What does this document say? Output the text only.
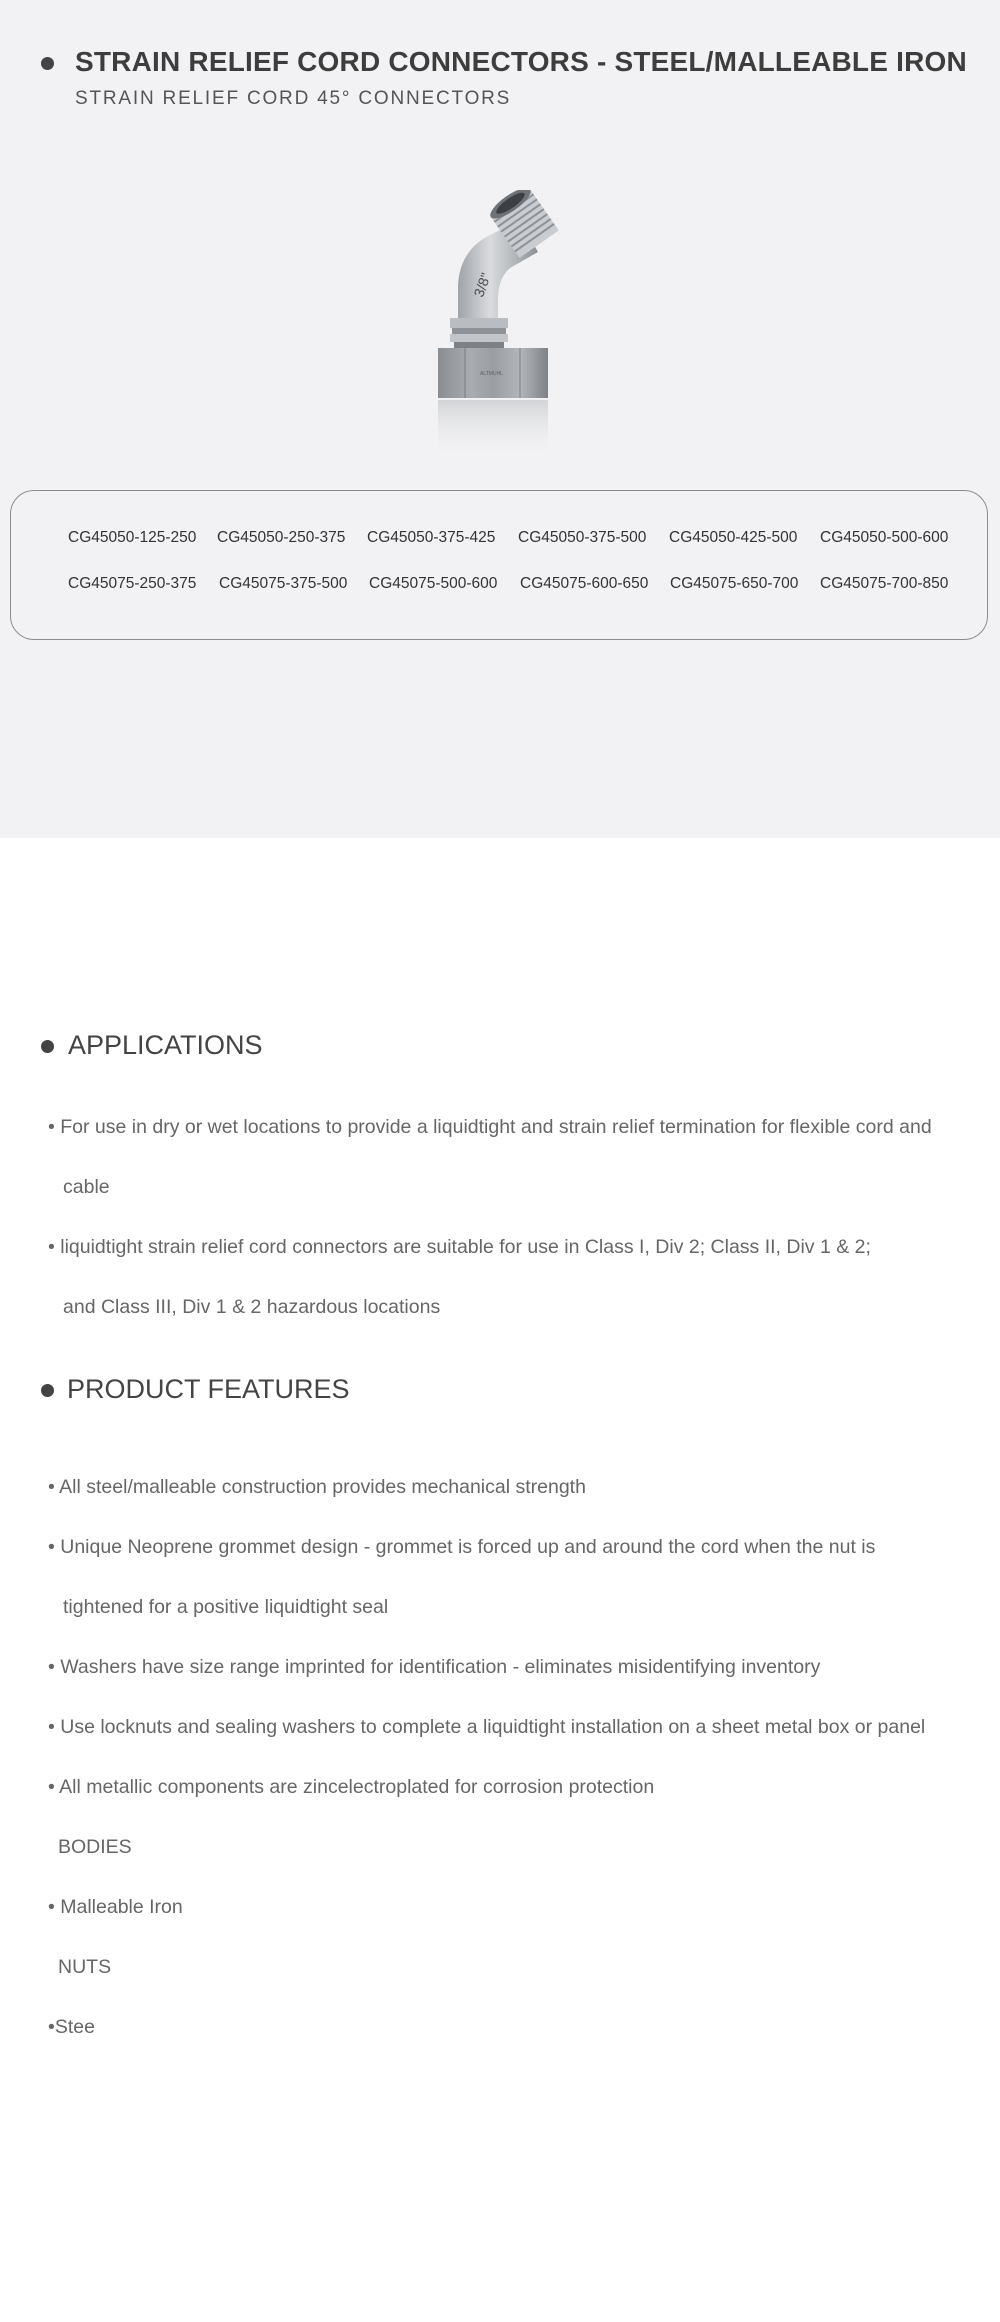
STRAIN RELIEF CORD CONNECTORS - STEEL/MALLEABLE IRON
STRAIN RELIEF CORD 45° CONNECTORS
3/8"
ALTMUHL
CG45050-125-250 CG45050-250-375 CG45050-375-425 CG45050-375-500 CG45050-425-500 CG45050-500-600
CG45075-250-375 CG45075-375-500 CG45075-500-600 CG45075-600-650 CG45075-650-700 CG45075-700-850
APPLICATIONS
• For use in dry or wet locations to provide a liquidtight and strain relief termination for flexible cord and
cable
• liquidtight strain relief cord connectors are suitable for use in Class I, Div 2; Class II, Div 1 & 2;
and Class III, Div 1 & 2 hazardous locations
PRODUCT FEATURES
• All steel/malleable construction provides mechanical strength
• Unique Neoprene grommet design - grommet is forced up and around the cord when the nut is
tightened for a positive liquidtight seal
• Washers have size range imprinted for identification - eliminates misidentifying inventory
• Use locknuts and sealing washers to complete a liquidtight installation on a sheet metal box or panel
• All metallic components are zincelectroplated for corrosion protection
BODIES
• Malleable Iron
NUTS
•Stee
